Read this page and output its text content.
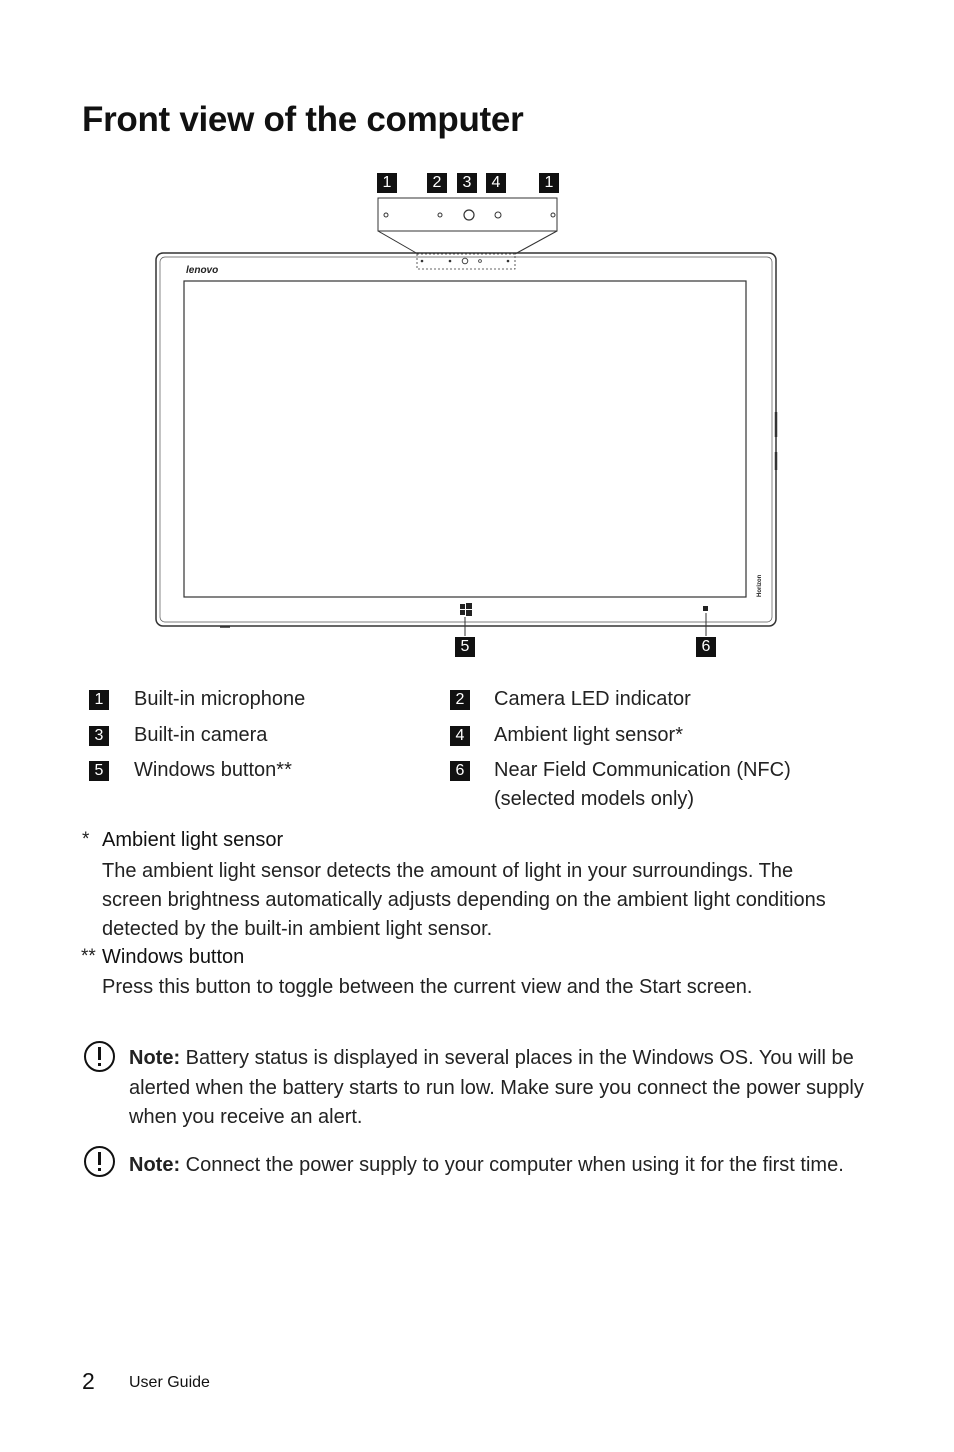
Front view of the computer
1	2	3	4	1
lenovo
Horizon
5	6
1 Built-in microphone	2 Camera LED indicator
3 Built-in camera	4 Ambient light sensor*
5 Windows button**	6 Near Field Communication (NFC)
(selected models only)
* Ambient light sensor
The ambient light sensor detects the amount of light in your surroundings. The screen brightness automatically adjusts depending on the ambient light conditions detected by the built-in ambient light sensor.
** Windows button
Press this button to toggle between the current view and the Start screen.
Note: Battery status is displayed in several places in the Windows OS. You will be alerted when the battery starts to run low. Make sure you connect the power supply when you receive an alert.
Note: Connect the power supply to your computer when using it for the first time.
2 User Guide
